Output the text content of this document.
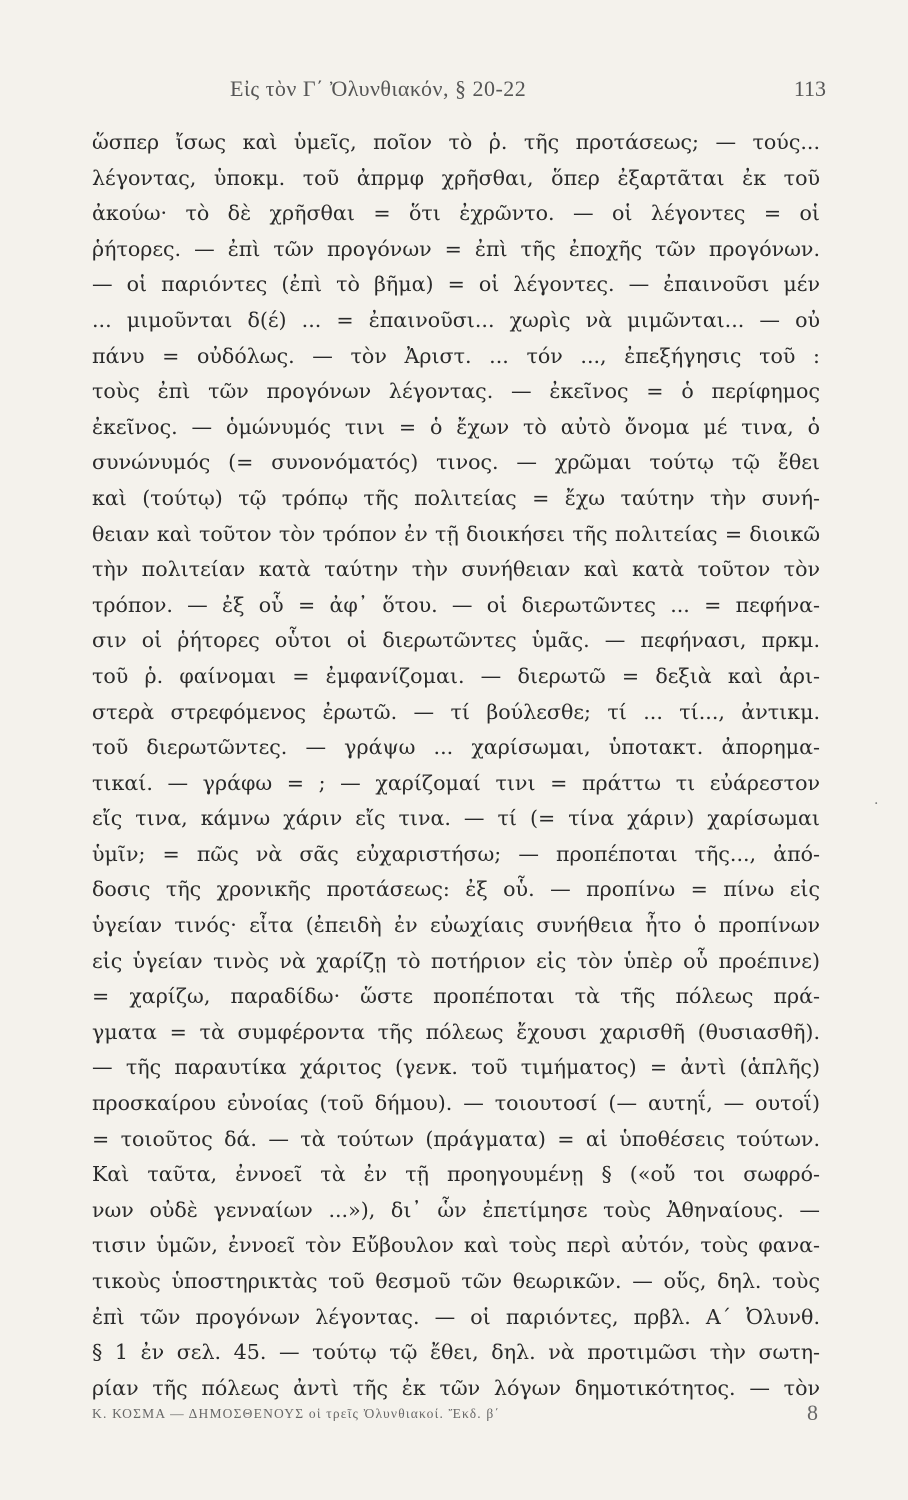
Εἰς τὸν Γ΄ Ὀλυνθιακόν, § 20-22	113
ὥσπερ ἴσως καὶ ὑμεῖς, ποῖον τὸ ῥ. τῆς προτάσεως; — τούς...
λέγοντας, ὑποκμ. τοῦ ἀπρμφ χρῆσθαι, ὅπερ ἐξαρτᾶται ἐκ τοῦ
ἀκούω· τὸ δὲ χρῆσθαι = ὅτι ἐχρῶντο. — οἱ λέγοντες = οἱ
ῥήτορες. — ἐπὶ τῶν προγόνων = ἐπὶ τῆς ἐποχῆς τῶν προγόνων.
— οἱ παριόντες (ἐπὶ τὸ βῆμα) = οἱ λέγοντες. — ἐπαινοῦσι μέν
... μιμοῦνται δ(έ) ... = ἐπαινοῦσι... χωρὶς νὰ μιμῶνται... — οὐ
πάνυ = οὐδόλως. — τὸν Ἀριστ. ... τόν ..., ἐπεξήγησις τοῦ :
τοὺς ἐπὶ τῶν προγόνων λέγοντας. — ἐκεῖνος = ὁ περίφημος
ἐκεῖνος. — ὁμώνυμός τινι = ὁ ἔχων τὸ αὐτὸ ὄνομα μέ τινα, ὁ
συνώνυμός (= συνονόματός) τινος. — χρῶμαι τούτῳ τῷ ἔθει
καὶ (τούτῳ) τῷ τρόπῳ τῆς πολιτείας = ἔχω ταύτην τὴν συνή-
θειαν καὶ τοῦτον τὸν τρόπον ἐν τῇ διοικήσει τῆς πολιτείας = διοικῶ
τὴν πολιτείαν κατὰ ταύτην τὴν συνήθειαν καὶ κατὰ τοῦτον τὸν
τρόπον. — ἐξ οὗ = ἀφ᾽ ὅτου. — οἱ διερωτῶντες ... = πεφήνα-
σιν οἱ ῥήτορες οὗτοι οἱ διερωτῶντες ὑμᾶς. — πεφήνασι, πρκμ.
τοῦ ῥ. φαίνομαι = ἐμφανίζομαι. — διερωτῶ = δεξιὰ καὶ ἀρι-
στερὰ στρεφόμενος ἐρωτῶ. — τί βούλεσθε; τί ... τί..., ἀντικμ.
τοῦ διερωτῶντες. — γράψω ... χαρίσωμαι, ὑποτακτ. ἀπορημα-
τικαί. — γράφω = ; — χαρίζομαί τινι = πράττω τι εὐάρεστον
εἴς τινα, κάμνω χάριν εἴς τινα. — τί (= τίνα χάριν) χαρίσωμαι
ὑμῖν; = πῶς νὰ σᾶς εὐχαριστήσω; — προπέποται τῆς..., ἀπό-
δοσις τῆς χρονικῆς προτάσεως: ἐξ οὗ. — προπίνω = πίνω εἰς
ὑγείαν τινός· εἶτα (ἐπειδὴ ἐν εὐωχίαις συνήθεια ἦτο ὁ προπίνων
εἰς ὑγείαν τινὸς νὰ χαρίζῃ τὸ ποτήριον εἰς τὸν ὑπὲρ οὗ προέπινε)
= χαρίζω, παραδίδω· ὥστε προπέποται τὰ τῆς πόλεως πρά-
γματα = τὰ συμφέροντα τῆς πόλεως ἔχουσι χαρισθῆ (θυσιασθῆ).
— τῆς παραυτίκα χάριτος (γενκ. τοῦ τιμήματος) = ἀντὶ (ἁπλῆς)
προσκαίρου εὐνοίας (τοῦ δήμου). — τοιουτοσί (— αυτηΐ, — ουτοΐ)
= τοιοῦτος δά. — τὰ τούτων (πράγματα) = αἱ ὑποθέσεις τούτων.
Καὶ ταῦτα, ἐννοεῖ τὰ ἐν τῇ προηγουμένῃ § («οὔ τοι σωφρό-
νων οὐδὲ γενναίων ...»), δι᾽ ὧν ἐπετίμησε τοὺς Ἀθηναίους. —
τισιν ὑμῶν, ἐννοεῖ τὸν Εὔβουλον καὶ τοὺς περὶ αὐτόν, τοὺς φανα-
τικοὺς ὑποστηρικτὰς τοῦ θεσμοῦ τῶν θεωρικῶν. — οὕς, δηλ. τοὺς
ἐπὶ τῶν προγόνων λέγοντας. — οἱ παριόντες, πρβλ. Α΄ Ὀλυνθ.
§ 1 ἐν σελ. 45. — τούτῳ τῷ ἔθει, δηλ. νὰ προτιμῶσι τὴν σωτη-
ρίαν τῆς πόλεως ἀντὶ τῆς ἐκ τῶν λόγων δημοτικότητος. — τὸν
·
Κ. ΚΟΣΜΑ — ΔΗΜΟΣΘΕΝΟΥΣ οἱ τρεῖς Ὀλυνθιακοί. Ἔκδ. β΄	8
